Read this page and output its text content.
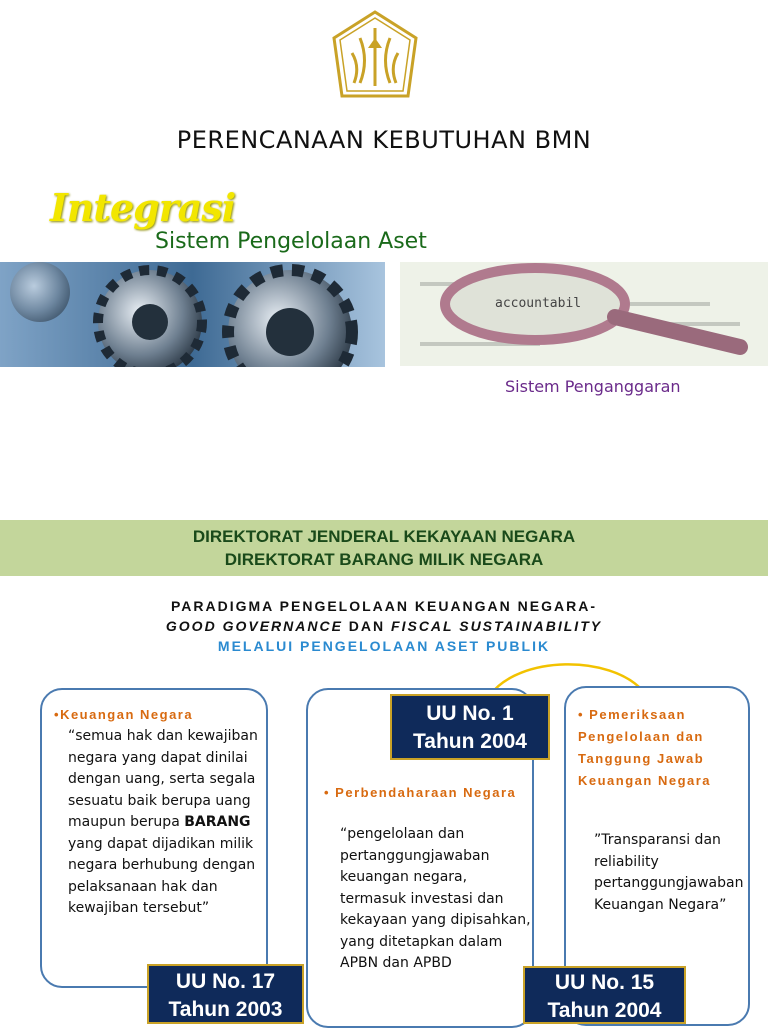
PERENCANAAN KEBUTUHAN BMN
Integrasi
Sistem Pengelolaan Aset
accountabil
Sistem Penganggaran
DIREKTORAT JENDERAL KEKAYAAN NEGARA
DIREKTORAT BARANG MILIK NEGARA
PARADIGMA PENGELOLAAN KEUANGAN NEGARA-
GOOD GOVERNANCE DAN FISCAL SUSTAINABILITY
MELALUI PENGELOLAAN ASET PUBLIK
•Keuangan Negara
“semua hak dan kewajiban negara yang dapat dinilai dengan uang, serta segala sesuatu baik berupa uang maupun berupa BARANG yang dapat dijadikan milik negara berhubung dengan pelaksanaan hak dan kewajiban tersebut”
UU No. 17
Tahun 2003
• Perbendaharaan Negara
“pengelolaan dan pertanggungjawaban keuangan negara, termasuk investasi dan kekayaan yang dipisahkan, yang ditetapkan dalam APBN dan APBD
UU No. 1
Tahun 2004
• Pemeriksaan Pengelolaan dan Tanggung Jawab Keuangan Negara
”Transparansi dan reliability pertanggungjawaban Keuangan Negara”
UU No. 15
Tahun 2004
